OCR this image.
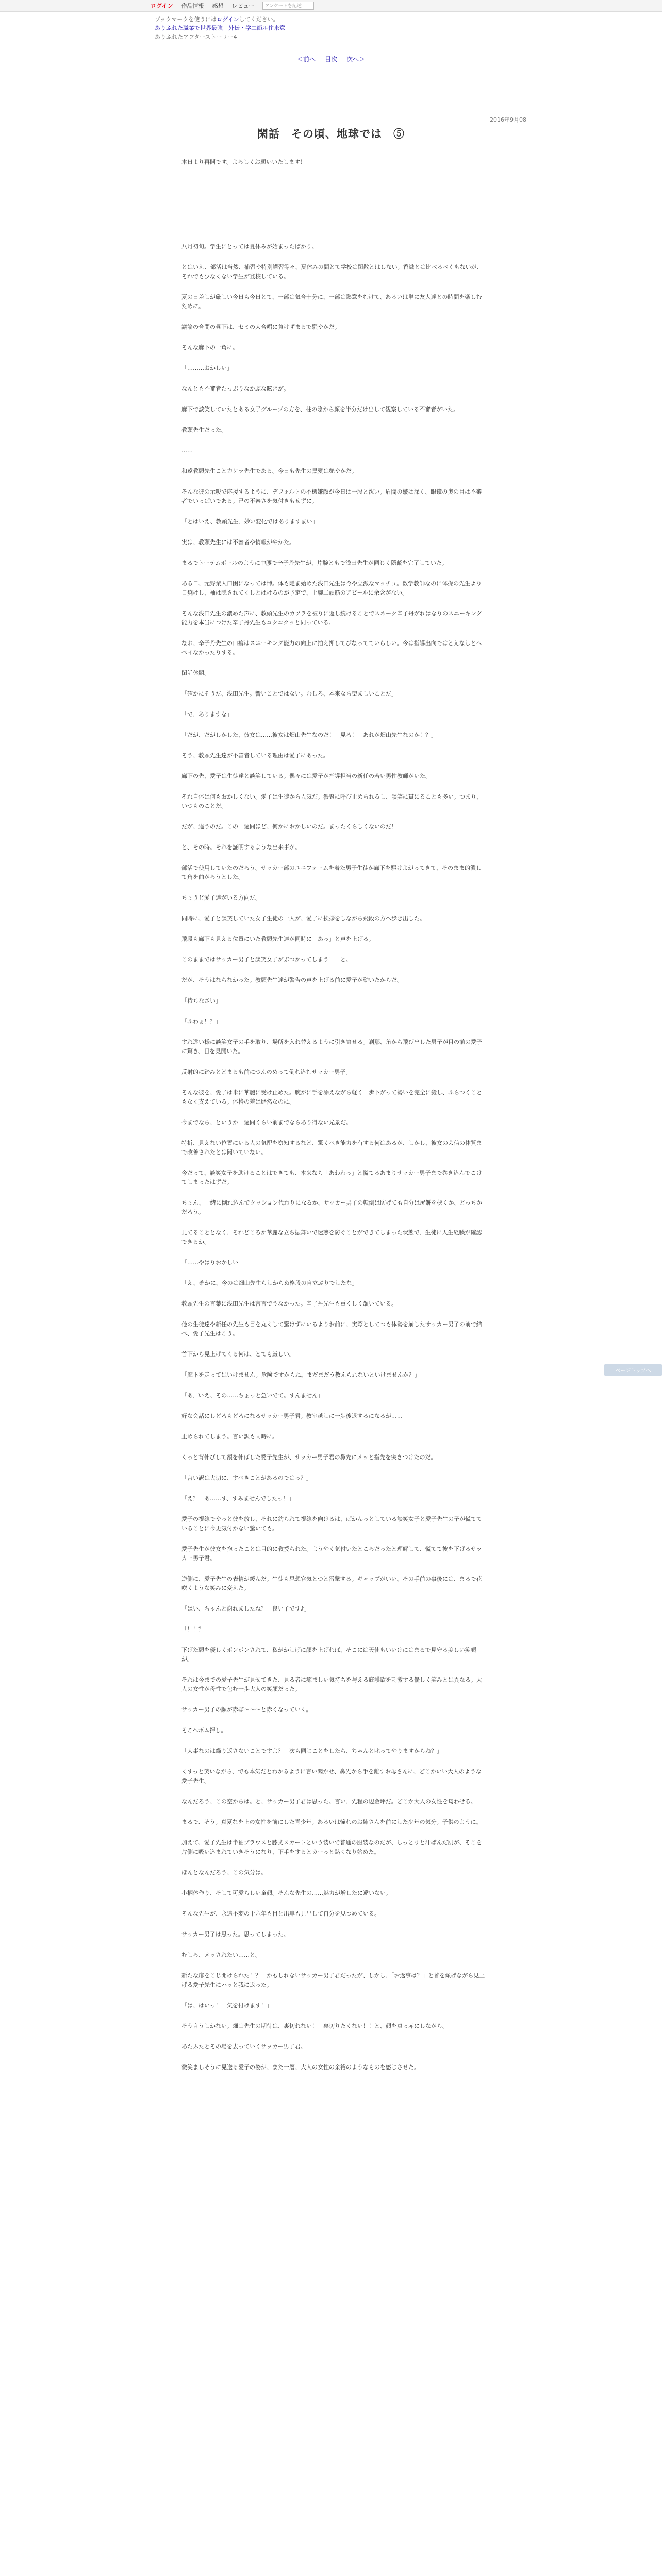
ログイン 作品情報 感想 レビュー	アンケートを記述
ブックマークを使うにはログインしてください。
ありふれた職業で世界最強　外伝・学二節ル住来意
ありふれたアフターストーリー4
＜前へ 目次 次へ＞
2016年9月08
閑話　その頃、地球では　⑤
本日より再開です。よろしくお願いいたします！

八月初旬。学生にとっては夏休みが始まったばかり。

とはいえ、部活は当然、補習や特別講習等々、夏休みの間とて学校は閑散とはしない。香織とは比べるべくもないが、それでも少なくない学生が登校している。

夏の日差しが厳しい今日も今日とて、一部は気合十分に、一部は熱意をむけて、あるいは単に友人達との時間を楽しむために。

議論の合間の昼下は、セミの大合唱に負けずまるで騒やかだ。

そんな廊下の一角に。

「………おかしい」

なんとも不審者たっぷりなかぶな呟きが。

廊下で談笑していたとある女子グループの方を、柱の陰から顔を半分だけ出して観察している不審者がいた。

教頭先生だった。

……

和遠教頭先生こと力ケラ先生である。今日も先生の黒髪は艶やかだ。

そんな彼の示唆で応援するように、デフォルトの不機嫌顔が今日は一段と沈い。眉間の皺は深く、眼鏡の奥の目は不審者でいっぱいである。己の不審さを気付きもせずに。

「とはいえ、教頭先生、妙い変化ではありますまい」

実は、教頭先生には不審者や情報がやかた。

まるでトーテムポールのように中腰で辛子丹先生が、片腕ともで浅田先生が同じく隠蔽を完了していた。

ある日、元野業人口困になっては憚。体も隠ま始めた浅田先生は今や立派なマッチョ。数学教師なのに体操の先生より日焼けし、袖は隠されてくしとはけるのが予定で、上腕二頭筋のアピールに余念がない。

そんな浅田先生の濃めた声に、教頭先生のカツラを被りに返し続けることでスネーク辛子丹がれはなりのスニーキング能力を本当につけた辛子丹先生もコクコクッと同っている。

なお、辛子丹先生の口癖はスニーキング能力の向上に拍え押してぴなってていらしい。今は指導出向ではとえなしとへべイなかったりする。

閑話休題。

「確かにそうだ、浅田先生。響いことではない。むしろ、本来なら望ましいことだ」

「で、ありますな」

「だが、だがしかした、彼女は……彼女は畑山先生なのだ！　見ろ！　あれが畑山先生なのか！？」

そう、教頭先生達が不審者している理由は愛子にあった。

廊下の先、愛子は生徒達と談笑している。偶々には愛子が指導担当の新任の若い男性教師がいた。

それ自体は何もおかしくない。愛子は生徒から人気だ。猥聚に呼び止められるし、談笑に貫にることも多い。つまり、いつものことだ。

だが、違うのだ。この一週間ほど、何かにおかしいのだ。まったくらしくないのだ！

と、その時。それを証明するような出来事が。

部活で使用していたのだろう。サッカー部のユニフォームを着た男子生徒が廊下を駆けよがってきて、そのまま的潰して角を曲がろうとした。

ちょうど愛子達がいる方向だ。

同時に、愛子と談笑していた女子生徒の一人が、愛子に挨拶をしながら飛段の方へ歩き出した。

飛段も廊下も見える位置にいた教頭先生達が同時に「あっ」と声を上げる。

このままではサッカー男子と談笑女子がぶつかってしまう！　と。

だが、そうはならなかった。教頭先生達が警告の声を上げる前に愛子が動いたからだ。

「待ちなさい」

「ふわぁ！？」

すれ違い様に談笑女子の手を取り、場所を入れ替えるように引き寄せる。刹那、角から飛び出した男子が目の前の愛子に驚き、目を見開いた。

反射的に踏みとどまるも前につんのめって倒れ込むサッカー男子。

そんな彼を、愛子は米に華麗に受け止めた。腕がに手を添えながら軽く一歩下がって勢いを完全に殺し、ふらつくこともなく支えている。体格の差は歴然なのに。

今までなら、というか一週間くらい前までならあり得ない光景だ。

特折、見えない位置にいる人の気配を察知するなど、驚くべき能力を有する何はあるが、しかし、彼女の芸信の体質まで改善されたとは聞いていない。

今だって、談笑女子を助けることはできても、本来なら「あわわっ」と慌てるあまりサッカー男子まで巻き込んでこけてしまったはずだ。

ちょん、一緒に倒れ込んでクッション代わりになるか、サッカー男子の転倒は防げても自分は尻餅を抉くか、どっちかだろう。

見てることとなく、それどころか華麗な立ち振舞いで迷惑を防ぐことができてしまった状態で、生徒に人生経験が確認できるか。

「……やはりおかしい」

「え、確かに、今のは畑山先生らしからぬ格段の自立ぶりでしたな」

教頭先生の言葉に浅田先生は言言でうなかった。辛子丹先生も重くしく頷いている。

他の生徒達や新任の先生も目を丸くして驚けずにいるよりお前に、実際としてつも体勢を崩したサッカー男子の前で結べ、愛子先生はこう。

首下から見上げてくる何は、とても厳しい。

「廊下を走ってはいけません。危険ですからね。まだまだう教えられないといけませんか？」

「あ、いえ、その……ちょっと急いでて。すんません」

好な会話にしどろもどろになるサッカー男子君。教室越しに一歩後退するになるが……

止められてしまう。言い訳も同時に。

くっと背伸びして額を伸ばした愛子先生が、サッカー男子君の鼻先にメッと指先を突きつけたのだ。

「言い訳は大切に、すべきことがあるのではっ？」

「え？　あ……す、すみませんでしたっ！」

愛子の視線でやっと彼を放し、それに釣られて視線を向けるは、ぱかんっとしている談笑女子と愛子先生の子が慌てていることに今更気付かない驚いても。

愛子先生が彼女を抱ったことは目的に教授られた。ようやく気付いたところだったと理解して、慌てて彼を下げるサッカー男子君。

逆側に、愛子先生の表情が緩んだ。生徒も思想官気とつと雷撃する。ギャップがいい。その手前の事後には、まるで花咲くような笑みに変えた。

「はい、ちゃんと謝れましたね？　良い子です♪」

「！！？」

下げた頭を優しくポンポンされて、私がかしげに顔を上げれば、そこには天使もいいけにはまるで見守る美しい笑顔が。

それは今までの愛子先生が見せてきた、見る者に癒ましい気持ちを与える庇護欲を刺激する優しく笑みとは異なる。大人の女性が母性で包む一歩大人の笑顔だった。

サッカー男子の顔が赤ぽ～～～と赤くなっていく。

そこへボム押し。

「大事なのは繰り返さないことですよ？　次も同じことをしたら、ちゃんと叱ってやりますからね？」

くすっと笑いながら、でも本気だとわかるように言い聞かせ、鼻先から手を離すお母さんに、どこかいい大人のような愛子先生。

なんだろう、この空からは。と、サッカー男子君は思った。言い、先程の辺金坪だ。どこか大人の女性を匂わせる。

まるで、そう。真夏なを上の女性を前にした青少年。あるいは憧れのお姉さんを前にした少年の気分。子供のように。

加えて、愛子先生は半袖ブラウスと膝丈スカートという装いで普通の服装なのだが、しっとりと汗ばんだ肌が、そこを片側に吸い込まれていきそうになり、下手をするとカーっと熱くなり始めた。

ほんとなんだろう、この気分は。

小柄体作り、そして可愛らしい童顔。そんな先生の……魅力が増したに違いない。

そんな先生が、永遠不変の十六年も目と出鼻も見出して自分を見つめている。

サッカー男子は思った。思ってしまった。

むしろ、メッされたい……と。

新たな扉をこじ開けられた！？　かもしれないサッカー男子君だったが、しかし、「お返事は？」と首を傾げながら見上げる愛子先生にハッと我に返った。

「は、はいっ！　気を付けます！」

そう言うしかない。畑山先生の期待は、裏切れない！　裏切りたくない！！と、顔を真っ赤にしながら。

あたふたとその場を去っていくサッカー男子君。

微笑ましそうに見送る愛子の姿が、また一層、大人の女性の余裕のようなものを感じさせた。

ページトップへ
